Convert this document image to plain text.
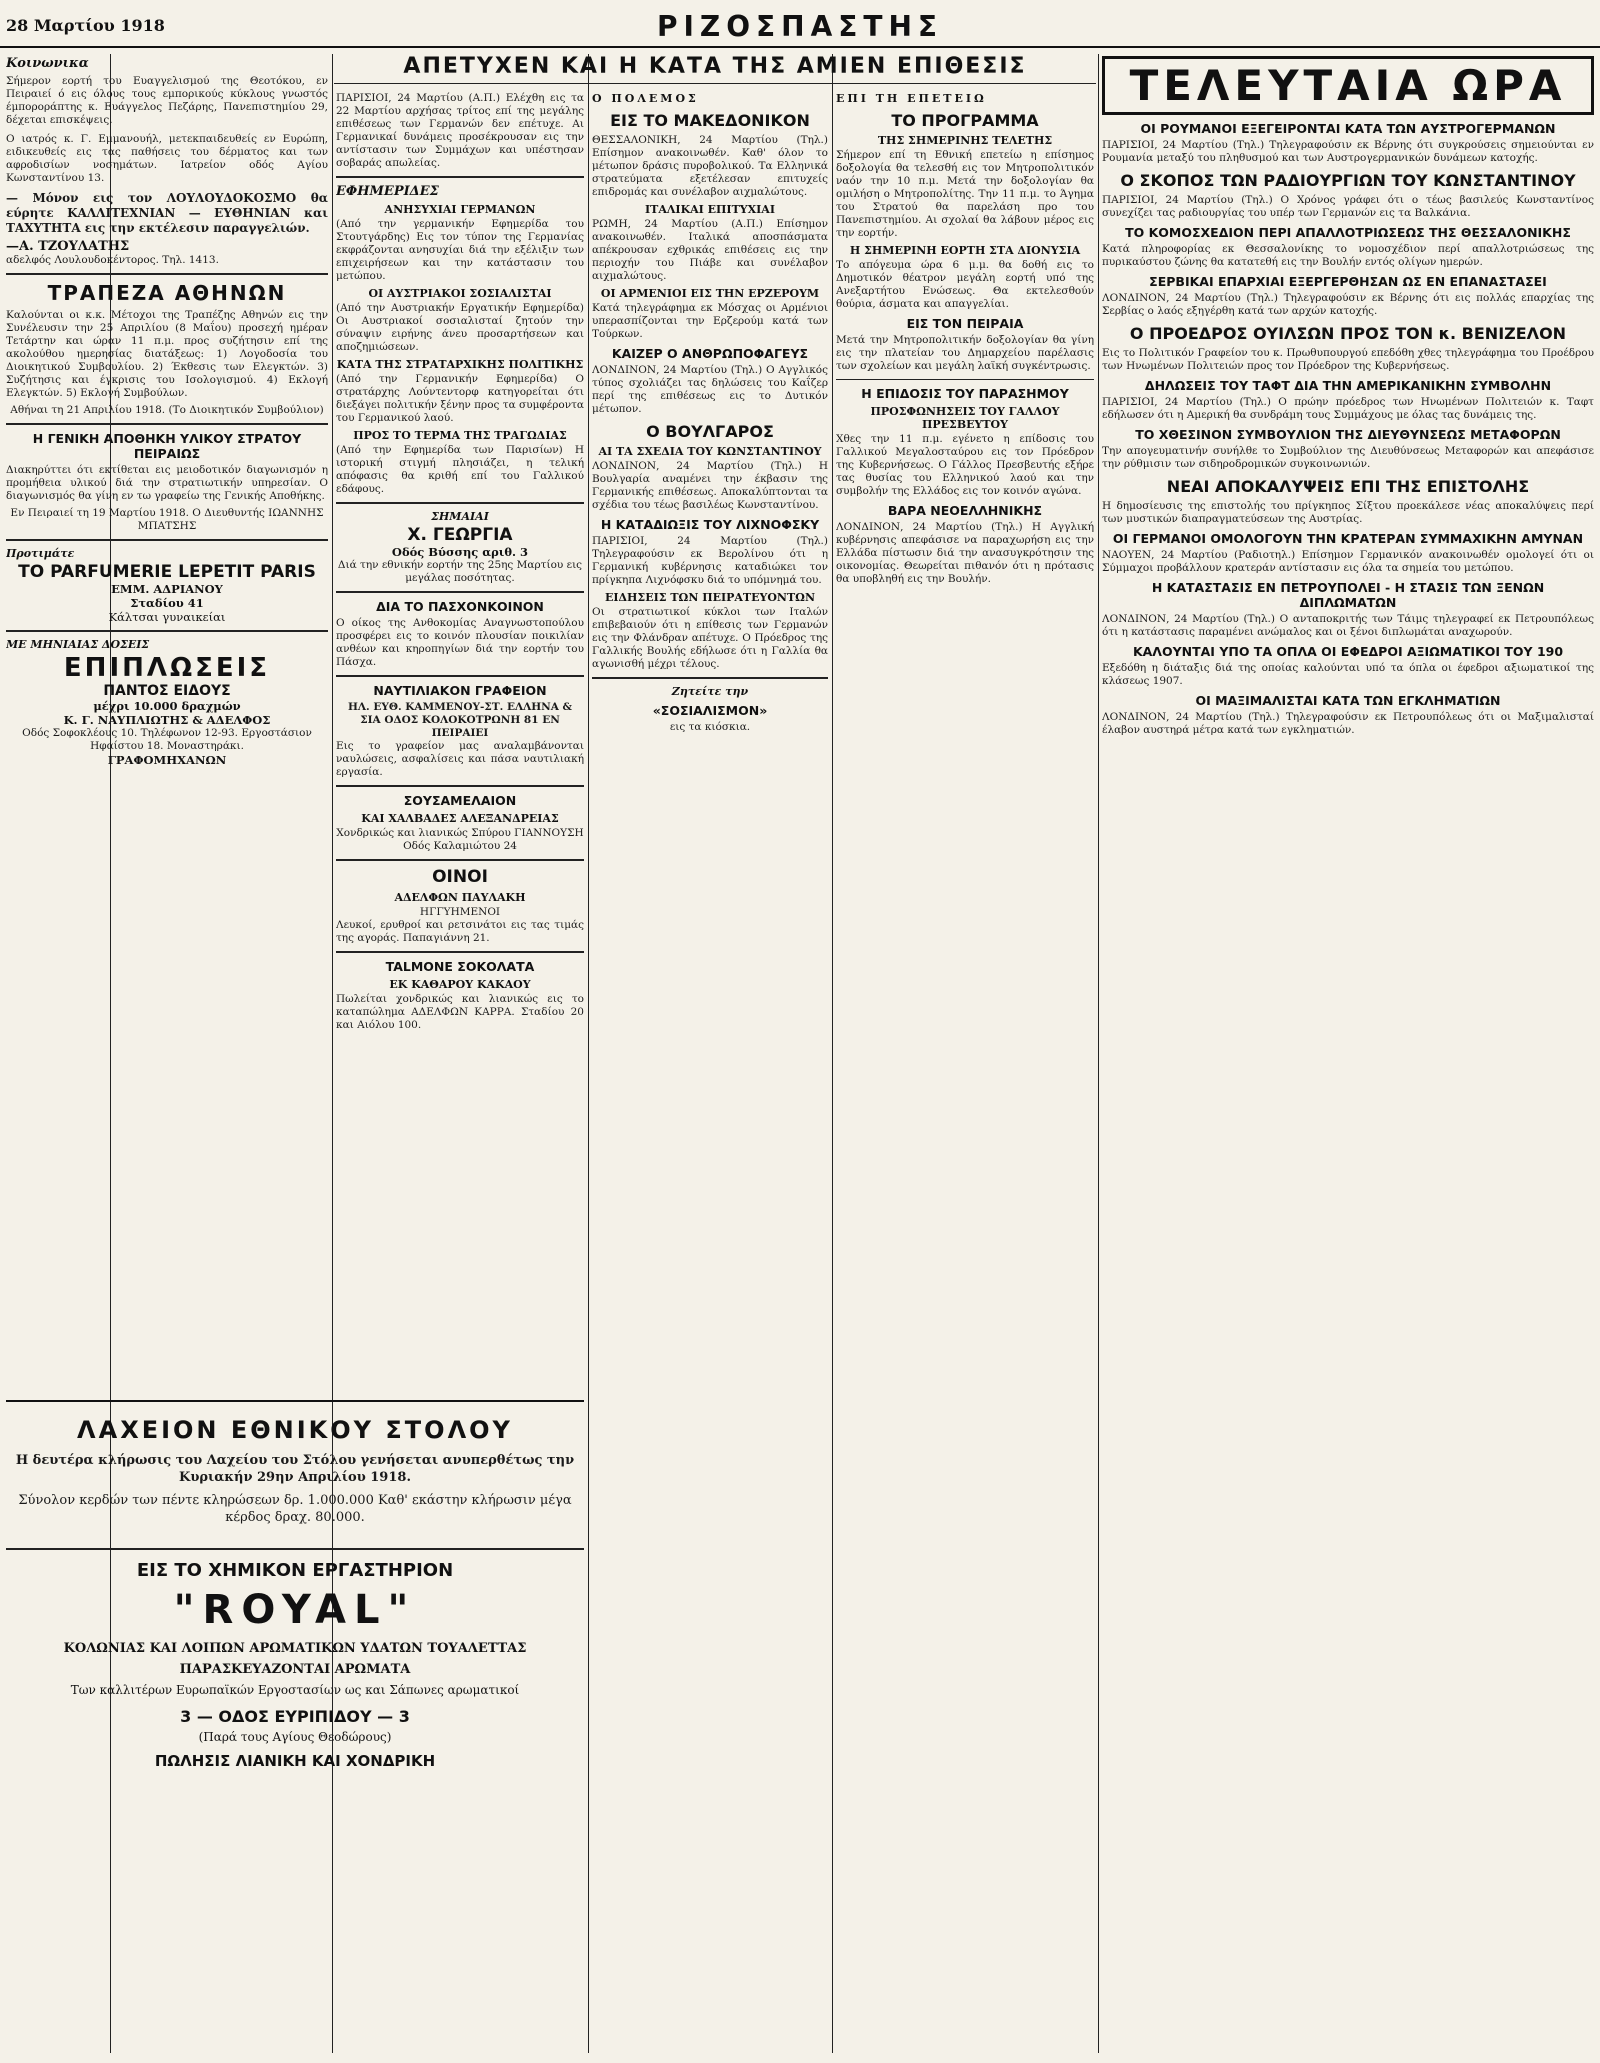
28 Μαρτίου 1918	ΡΙΖΟΣΠΑΣΤΗΣ
Κοινωνικα
Σήμερον εορτή του Ευαγγελισμού της Θεοτόκου, εν Πειραιεί ό εις όλους τους εμπορικούς κύκλους γνωστός έμποροράπτης κ. Ευάγγελος Πεζάρης, Πανεπιστημίου 29, δέχεται επισκέψεις.
Ο ιατρός κ. Γ. Εμμανουήλ, μετεκπαιδευθείς εν Ευρώπη, ειδικευθείς εις τας παθήσεις του δέρματος και των αφροδισίων νοσημάτων. Ιατρείον οδός Αγίου Κωνσταντίνου 13.
— Μόνον εις τον ΛΟΥΛΟΥΔΟΚΟΣΜΟ θα εύρητε ΚΑΛΛΙΤΕΧΝΙΑΝ — ΕΥΘΗΝΙΑΝ και ΤΑΧΥΤΗΤΑ εις την εκτέλεσιν παραγγελιών.
—Α. ΤΖΟΥΛΑΤΗΣ
αδελφός Λουλουδοκέντορος. Τηλ. 1413.
ΤΡΑΠΕΖΑ ΑΘΗΝΩΝ
Καλούνται οι κ.κ. Μέτοχοι της Τραπέζης Αθηνών εις την Συνέλευσιν την 25 Απριλίου (8 Μαΐου) προσεχή ημέραν Τετάρτην και ώραν 11 π.μ. προς συζήτησιν επί της ακολούθου ημερησίας διατάξεως: 1) Λογοδοσία του Διοικητικού Συμβουλίου. 2) Έκθεσις των Ελεγκτών. 3) Συζήτησις και έγκρισις του Ισολογισμού. 4) Εκλογή Ελεγκτών. 5) Εκλογή Συμβούλων.
Αθήναι τη 21 Απριλίου 1918. (Το Διοικητικόν Συμβούλιον)
Η ΓΕΝΙΚΗ ΑΠΟΘΗΚΗ ΥΛΙΚΟΥ ΣΤΡΑΤΟΥ ΠΕΙΡΑΙΩΣ
Διακηρύττει ότι εκτίθεται εις μειοδοτικόν διαγωνισμόν η προμήθεια υλικού διά την στρατιωτικήν υπηρεσίαν. Ο διαγωνισμός θα γίνη εν τω γραφείω της Γενικής Αποθήκης.
Εν Πειραιεί τη 19 Μαρτίου 1918. Ο Διευθυντής ΙΩΑΝΝΗΣ ΜΠΑΤΣΗΣ
Προτιμάτε
ΤΟ PARFUMERIE LEPETIT PARIS
ΕΜΜ. ΑΔΡΙΑΝΟΥ
Σταδίου 41
Κάλτσαι γυναικείαι
ΜΕ ΜΗΝΙΑΙΑΣ ΔΟΣΕΙΣ
ΕΠΙΠΛΩΣΕΙΣ
ΠΑΝΤΟΣ ΕΙΔΟΥΣ
μέχρι 10.000 δραχμών
Κ. Γ. ΝΑΥΠΛΙΩΤΗΣ & ΑΔΕΛΦΟΣ
Οδός Σοφοκλέους 10. Τηλέφωνον 12-93. Εργοστάσιον Ηφαίστου 18. Μοναστηράκι.
ΓΡΑΦΟΜΗΧΑΝΩΝ
ΑΠΕΤΥΧΕΝ ΚΑΙ Η ΚΑΤΑ ΤΗΣ ΑΜΙΕΝ ΕΠΙΘΕΣΙΣ
ΠΑΡΙΣΙΟΙ, 24 Μαρτίου (Α.Π.) Ελέχθη εις τα 22 Μαρτίου αρχήσας τρίτος επί της μεγάλης επιθέσεως των Γερμανών δεν επέτυχε. Αι Γερμανικαί δυνάμεις προσέκρουσαν εις την αντίστασιν των Συμμάχων και υπέστησαν σοβαράς απωλείας.
ΕΦΗΜΕΡΙΔΕΣ
ΑΝΗΣΥΧΙΑΙ ΓΕΡΜΑΝΩΝ
(Από την γερμανικήν Εφημερίδα του Στουτγάρδης) Εις τον τύπον της Γερμανίας εκφράζονται ανησυχίαι διά την εξέλιξιν των επιχειρήσεων και την κατάστασιν του μετώπου.
ΟΙ ΑΥΣΤΡΙΑΚΟΙ ΣΟΣΙΑΛΙΣΤΑΙ
(Από την Αυστριακήν Εργατικήν Εφημερίδα) Οι Αυστριακοί σοσιαλισταί ζητούν την σύναψιν ειρήνης άνευ προσαρτήσεων και αποζημιώσεων.
ΚΑΤΑ ΤΗΣ ΣΤΡΑΤΑΡΧΙΚΗΣ ΠΟΛΙΤΙΚΗΣ
(Από την Γερμανικήν Εφημερίδα) Ο στρατάρχης Λούντεντορφ κατηγορείται ότι διεξάγει πολιτικήν ξένην προς τα συμφέροντα του Γερμανικού λαού.
ΠΡΟΣ ΤΟ ΤΕΡΜΑ ΤΗΣ ΤΡΑΓΩΔΙΑΣ
(Από την Εφημερίδα των Παρισίων) Η ιστορική στιγμή πλησιάζει, η τελική απόφασις θα κριθή επί του Γαλλικού εδάφους.
ΣΗΜΑΙΑΙ
Χ. ΓΕΩΡΓΙΑ
Οδός Βύσσης αριθ. 3
Διά την εθνικήν εορτήν της 25ης Μαρτίου εις μεγάλας ποσότητας.
ΔΙΑ ΤΟ ΠΑΣΧΟΝΚΟΙΝΟΝ
Ο οίκος της Ανθοκομίας Αναγνωστοπούλου προσφέρει εις το κοινόν πλουσίαν ποικιλίαν ανθέων και κηροπηγίων διά την εορτήν του Πάσχα.
ΝΑΥΤΙΛΙΑΚΟΝ ΓΡΑΦΕΙΟΝ
ΗΛ. ΕΥΘ. ΚΑΜΜΕΝΟΥ-ΣΤ. ΕΛΛΗΝΑ & ΣΙΑ ΟΔΟΣ ΚΟΛΟΚΟΤΡΩΝΗ 81 ΕΝ ΠΕΙΡΑΙΕΙ
Εις το γραφείον μας αναλαμβάνονται ναυλώσεις, ασφαλίσεις και πάσα ναυτιλιακή εργασία.
ΣΟΥΣΑΜΕΛΑΙΟΝ
ΚΑΙ ΧΑΛΒΑΔΕΣ ΑΛΕΞΑΝΔΡΕΙΑΣ
Χονδρικώς και λιανικώς Σπύρου ΓΙΑΝΝΟΥΣΗ
Οδός Καλαμιώτου 24
ΟΙΝΟΙ
ΑΔΕΛΦΩΝ ΠΑΥΛΑΚΗ
ΗΓΓΥΗΜΕΝΟΙ
Λευκοί, ερυθροί και ρετσινάτοι εις τας τιμάς της αγοράς. Παπαγιάννη 21.
TALMONE ΣΟΚΟΛΑΤΑ
ΕΚ ΚΑΘΑΡΟΥ ΚΑΚΑΟΥ
Πωλείται χονδρικώς και λιανικώς εις το καταπώλημα ΑΔΕΛΦΩΝ ΚΑΡΡΑ. Σταδίου 20 και Αιόλου 100.
Ο ΠΟΛΕΜΟΣ
ΕΙΣ ΤΟ ΜΑΚΕΔΟΝΙΚΟΝ
ΘΕΣΣΑΛΟΝΙΚΗ, 24 Μαρτίου (Τηλ.) Επίσημον ανακοινωθέν. Καθ' όλον το μέτωπον δράσις πυροβολικού. Τα Ελληνικά στρατεύματα εξετέλεσαν επιτυχείς επιδρομάς και συνέλαβον αιχμαλώτους.
ΙΤΑΛΙΚΑΙ ΕΠΙΤΥΧΙΑΙ
ΡΩΜΗ, 24 Μαρτίου (Α.Π.) Επίσημον ανακοινωθέν. Ιταλικά αποσπάσματα απέκρουσαν εχθρικάς επιθέσεις εις την περιοχήν του Πιάβε και συνέλαβον αιχμαλώτους.
ΟΙ ΑΡΜΕΝΙΟΙ ΕΙΣ ΤΗΝ ΕΡΖΕΡΟΥΜ
Κατά τηλεγράφημα εκ Μόσχας οι Αρμένιοι υπερασπίζονται την Ερζερούμ κατά των Τούρκων.
ΚΑΙΖΕΡ Ο ΑΝΘΡΩΠΟΦΑΓΕΥΣ
ΛΟΝΔΙΝΟΝ, 24 Μαρτίου (Τηλ.) Ο Αγγλικός τύπος σχολιάζει τας δηλώσεις του Καΐζερ περί της επιθέσεως εις το Δυτικόν μέτωπον.
Ο ΒΟΥΛΓΑΡΟΣ
ΑΙ ΤΑ ΣΧΕΔΙΑ ΤΟΥ ΚΩΝΣΤΑΝΤΙΝΟΥ
ΛΟΝΔΙΝΟΝ, 24 Μαρτίου (Τηλ.) Η Βουλγαρία αναμένει την έκβασιν της Γερμανικής επιθέσεως. Αποκαλύπτονται τα σχέδια του τέως βασιλέως Κωνσταντίνου.
Η ΚΑΤΑΔΙΩΞΙΣ ΤΟΥ ΛΙΧΝΟΦΣΚΥ
ΠΑΡΙΣΙΟΙ, 24 Μαρτίου (Τηλ.) Τηλεγραφούσιν εκ Βερολίνου ότι η Γερμανική κυβέρνησις καταδιώκει τον πρίγκηπα Λιχνόφσκυ διά το υπόμνημά του.
ΕΙΔΗΣΕΙΣ ΤΩΝ ΠΕΙΡΑΤΕΥΟΝΤΩΝ
Οι στρατιωτικοί κύκλοι των Ιταλών επιβεβαιούν ότι η επίθεσις των Γερμανών εις την Φλάνδραν απέτυχε. Ο Πρόεδρος της Γαλλικής Βουλής εδήλωσε ότι η Γαλλία θα αγωνισθή μέχρι τέλους.
Ζητείτε την
«ΣΟΣΙΑΛΙΣΜΟΝ»
εις τα κιόσκια.
ΕΠΙ ΤΗ ΕΠΕΤΕΙΩ
ΤΟ ΠΡΟΓΡΑΜΜΑ
ΤΗΣ ΣΗΜΕΡΙΝΗΣ ΤΕΛΕΤΗΣ
Σήμερον επί τη Εθνική επετείω η επίσημος δοξολογία θα τελεσθή εις τον Μητροπολιτικόν ναόν την 10 π.μ. Μετά την δοξολογίαν θα ομιλήση ο Μητροπολίτης. Την 11 π.μ. το Άγημα του Στρατού θα παρελάση προ του Πανεπιστημίου. Αι σχολαί θα λάβουν μέρος εις την εορτήν.
Η ΣΗΜΕΡΙΝΗ ΕΟΡΤΗ ΣΤΑ ΔΙΟΝΥΣΙΑ
Το απόγευμα ώρα 6 μ.μ. θα δοθή εις το Δημοτικόν θέατρον μεγάλη εορτή υπό της Ανεξαρτήτου Ενώσεως. Θα εκτελεσθούν θούρια, άσματα και απαγγελίαι.
ΕΙΣ ΤΟΝ ΠΕΙΡΑΙΑ
Μετά την Μητροπολιτικήν δοξολογίαν θα γίνη εις την πλατείαν του Δημαρχείου παρέλασις των σχολείων και μεγάλη λαϊκή συγκέντρωσις.
Η ΕΠΙΔΟΣΙΣ ΤΟΥ ΠΑΡΑΣΗΜΟΥ
ΠΡΟΣΦΩΝΗΣΕΙΣ ΤΟΥ ΓΑΛΛΟΥ ΠΡΕΣΒΕΥΤΟΥ
Χθες την 11 π.μ. εγένετο η επίδοσις του Γαλλικού Μεγαλοσταύρου εις τον Πρόεδρον της Κυβερνήσεως. Ο Γάλλος Πρεσβευτής εξήρε τας θυσίας του Ελληνικού λαού και την συμβολήν της Ελλάδος εις τον κοινόν αγώνα.
ΒΑΡΑ ΝΕΟΕΛΛΗΝΙΚΗΣ
ΛΟΝΔΙΝΟΝ, 24 Μαρτίου (Τηλ.) Η Αγγλική κυβέρνησις απεφάσισε να παραχωρήση εις την Ελλάδα πίστωσιν διά την ανασυγκρότησιν της οικονομίας. Θεωρείται πιθανόν ότι η πρότασις θα υποβληθή εις την Βουλήν.
ΤΕΛΕΥΤΑΙΑ ΩΡΑ
ΟΙ ΡΟΥΜΑΝΟΙ ΕΞΕΓΕΙΡΟΝΤΑΙ ΚΑΤΑ ΤΩΝ ΑΥΣΤΡΟΓΕΡΜΑΝΩΝ
ΠΑΡΙΣΙΟΙ, 24 Μαρτίου (Τηλ.) Τηλεγραφούσιν εκ Βέρνης ότι συγκρούσεις σημειούνται εν Ρουμανία μεταξύ του πληθυσμού και των Αυστρογερμανικών δυνάμεων κατοχής.
Ο ΣΚΟΠΟΣ ΤΩΝ ΡΑΔΙΟΥΡΓΙΩΝ ΤΟΥ ΚΩΝΣΤΑΝΤΙΝΟΥ
ΠΑΡΙΣΙΟΙ, 24 Μαρτίου (Τηλ.) Ο Χρόνος γράφει ότι ο τέως βασιλεύς Κωνσταντίνος συνεχίζει τας ραδιουργίας του υπέρ των Γερμανών εις τα Βαλκάνια.
ΤΟ ΚΟΜΟΣΧΕΔΙΟΝ ΠΕΡΙ ΑΠΑΛΛΟΤΡΙΩΣΕΩΣ ΤΗΣ ΘΕΣΣΑΛΟΝΙΚΗΣ
Κατά πληροφορίας εκ Θεσσαλονίκης το νομοσχέδιον περί απαλλοτριώσεως της πυρικαύστου ζώνης θα κατατεθή εις την Βουλήν εντός ολίγων ημερών.
ΣΕΡΒΙΚΑΙ ΕΠΑΡΧΙΑΙ ΕΞΕΡΓΕΡΘΗΣΑΝ ΩΣ ΕΝ ΕΠΑΝΑΣΤΑΣΕΙ
ΛΟΝΔΙΝΟΝ, 24 Μαρτίου (Τηλ.) Τηλεγραφούσιν εκ Βέρνης ότι εις πολλάς επαρχίας της Σερβίας ο λαός εξηγέρθη κατά των αρχών κατοχής.
Ο ΠΡΟΕΔΡΟΣ ΟΥΙΛΣΩΝ ΠΡΟΣ ΤΟΝ κ. ΒΕΝΙΖΕΛΟΝ
Εις το Πολιτικόν Γραφείον του κ. Πρωθυπουργού επεδόθη χθες τηλεγράφημα του Προέδρου των Ηνωμένων Πολιτειών προς τον Πρόεδρον της Κυβερνήσεως.
ΔΗΛΩΣΕΙΣ ΤΟΥ ΤΑΦΤ ΔΙΑ ΤΗΝ ΑΜΕΡΙΚΑΝΙΚΗΝ ΣΥΜΒΟΛΗΝ
ΠΑΡΙΣΙΟΙ, 24 Μαρτίου (Τηλ.) Ο πρώην πρόεδρος των Ηνωμένων Πολιτειών κ. Ταφτ εδήλωσεν ότι η Αμερική θα συνδράμη τους Συμμάχους με όλας τας δυνάμεις της.
ΤΟ ΧΘΕΣΙΝΟΝ ΣΥΜΒΟΥΛΙΟΝ ΤΗΣ ΔΙΕΥΘΥΝΣΕΩΣ ΜΕΤΑΦΟΡΩΝ
Την απογευματινήν συνήλθε το Συμβούλιον της Διευθύνσεως Μεταφορών και απεφάσισε την ρύθμισιν των σιδηροδρομικών συγκοινωνιών.
ΝΕΑΙ ΑΠΟΚΑΛΥΨΕΙΣ ΕΠΙ ΤΗΣ ΕΠΙΣΤΟΛΗΣ
Η δημοσίευσις της επιστολής του πρίγκηπος Σίξτου προεκάλεσε νέας αποκαλύψεις περί των μυστικών διαπραγματεύσεων της Αυστρίας.
ΟΙ ΓΕΡΜΑΝΟΙ ΟΜΟΛΟΓΟΥΝ ΤΗΝ ΚΡΑΤΕΡΑΝ ΣΥΜΜΑΧΙΚΗΝ ΑΜΥΝΑΝ
ΝΑΟΥΕΝ, 24 Μαρτίου (Ραδιοτηλ.) Επίσημον Γερμανικόν ανακοινωθέν ομολογεί ότι οι Σύμμαχοι προβάλλουν κρατεράν αντίστασιν εις όλα τα σημεία του μετώπου.
Η ΚΑΤΑΣΤΑΣΙΣ ΕΝ ΠΕΤΡΟΥΠΟΛΕΙ - Η ΣΤΑΣΙΣ ΤΩΝ ΞΕΝΩΝ ΔΙΠΛΩΜΑΤΩΝ
ΛΟΝΔΙΝΟΝ, 24 Μαρτίου (Τηλ.) Ο ανταποκριτής των Τάιμς τηλεγραφεί εκ Πετρουπόλεως ότι η κατάστασις παραμένει ανώμαλος και οι ξένοι διπλωμάται αναχωρούν.
ΚΑΛΟΥΝΤΑΙ ΥΠΟ ΤΑ ΟΠΛΑ ΟΙ ΕΦΕΔΡΟΙ ΑΞΙΩΜΑΤΙΚΟΙ ΤΟΥ 190
Εξεδόθη η διάταξις διά της οποίας καλούνται υπό τα όπλα οι έφεδροι αξιωματικοί της κλάσεως 1907.
ΟΙ ΜΑΞΙΜΑΛΙΣΤΑΙ ΚΑΤΑ ΤΩΝ ΕΓΚΛΗΜΑΤΙΩΝ
ΛΟΝΔΙΝΟΝ, 24 Μαρτίου (Τηλ.) Τηλεγραφούσιν εκ Πετρουπόλεως ότι οι Μαξιμαλισταί έλαβον αυστηρά μέτρα κατά των εγκληματιών.
ΛΑΧΕΙΟΝ ΕΘΝΙΚΟΥ ΣΤΟΛΟΥ
Η δευτέρα κλήρωσις του Λαχείου του Στόλου γενήσεται ανυπερθέτως την Κυριακήν 29ην Απριλίου 1918.
Σύνολον κερδών των πέντε κληρώσεων δρ. 1.000.000 Καθ' εκάστην κλήρωσιν μέγα κέρδος δραχ. 80.000.
ΕΙΣ ΤΟ ΧΗΜΙΚΟΝ ΕΡΓΑΣΤΗΡΙΟΝ
"ROYAL"
ΚΟΛΩΝΙΑΣ ΚΑΙ ΛΟΙΠΩΝ ΑΡΩΜΑΤΙΚΩΝ ΥΔΑΤΩΝ ΤΟΥΑΛΕΤΤΑΣ
ΠΑΡΑΣΚΕΥΑΖΟΝΤΑΙ ΑΡΩΜΑΤΑ
Των καλλιτέρων Ευρωπαϊκών Εργοστασίων ως και Σάπωνες αρωματικοί
3 — ΟΔΟΣ ΕΥΡΙΠΙΔΟΥ — 3
(Παρά τους Αγίους Θεοδώρους)
ΠΩΛΗΣΙΣ ΛΙΑΝΙΚΗ ΚΑΙ ΧΟΝΔΡΙΚΗ
